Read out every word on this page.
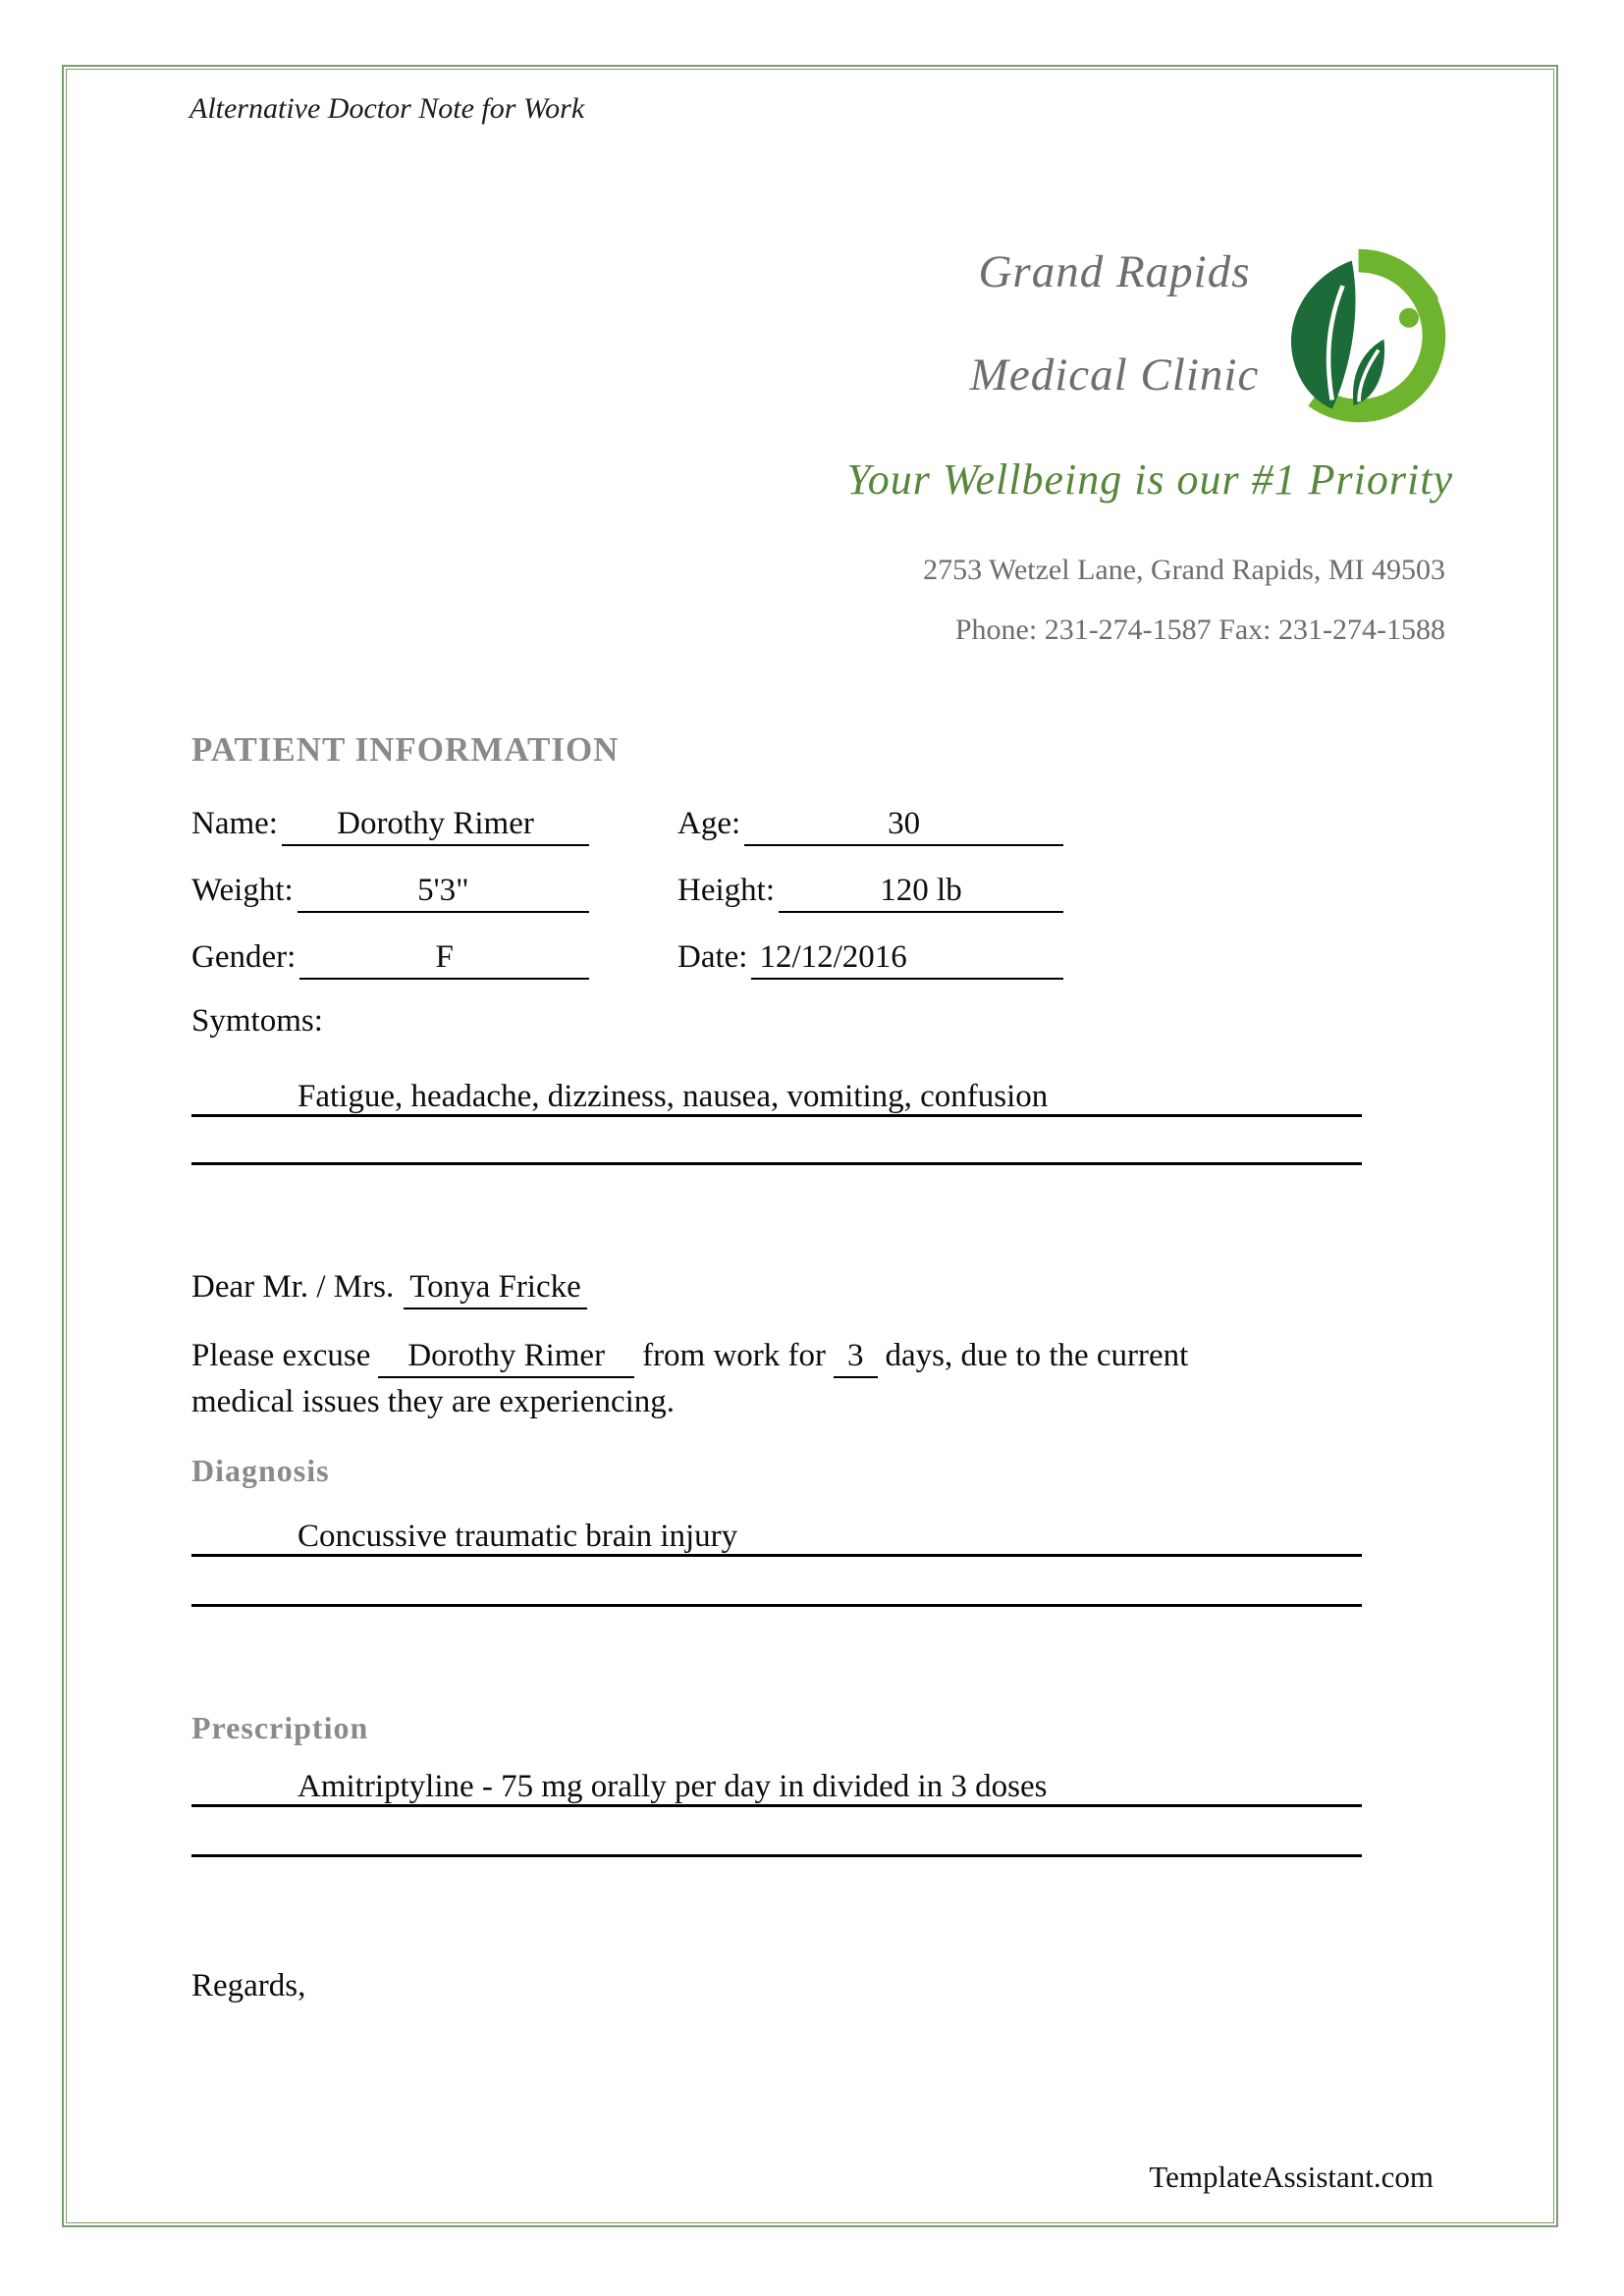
Alternative Doctor Note for Work
Grand Rapids
Medical Clinic
Your Wellbeing is our #1 Priority
2753 Wetzel Lane, Grand Rapids, MI 49503
Phone: 231-274-1587 Fax: 231-274-1588
PATIENT INFORMATION
Name:	Dorothy Rimer	Age:	30
Weight:	5'3"	Height:	120 lb
Gender:	F	Date: 12/12/2016
Symtoms:
Fatigue, headache, dizziness, nausea, vomiting, confusion
Dear Mr. / Mrs. Tonya Fricke
Please excuse Dorothy Rimer from work for 3 days, due to the current
medical issues they are experiencing.
Diagnosis
Concussive traumatic brain injury
Prescription
Amitriptyline - 75 mg orally per day in divided in 3 doses
Regards,
TemplateAssistant.com
